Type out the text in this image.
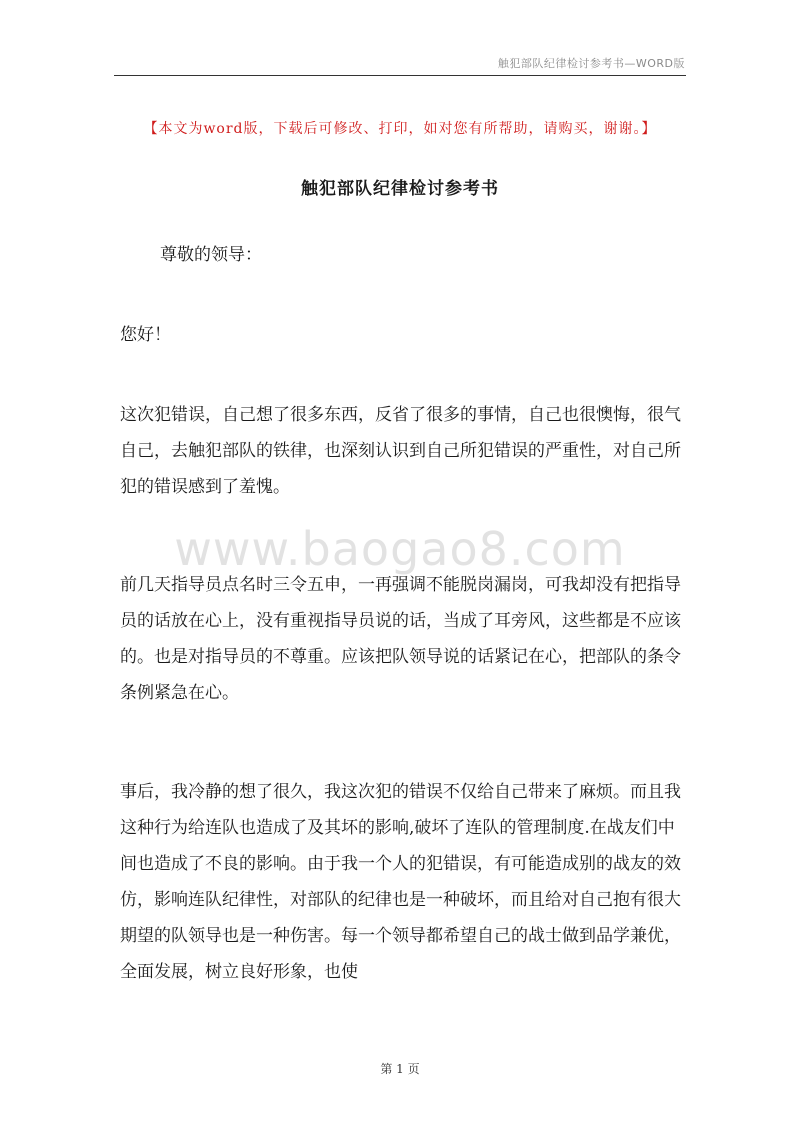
触犯部队纪律检讨参考书—WORD版
【本文为word版，下载后可修改、打印，如对您有所帮助，请购买，谢谢。】
触犯部队纪律检讨参考书

尊敬的领导：

您好！

这次犯错误，自己想了很多东西，反省了很多的事情，自己也很懊悔，很气自己，去触犯部队的铁律，也深刻认识到自己所犯错误的严重性，对自己所犯的错误感到了羞愧。

前几天指导员点名时三令五申，一再强调不能脱岗漏岗，可我却没有把指导员的话放在心上，没有重视指导员说的话，当成了耳旁风，这些都是不应该的。也是对指导员的不尊重。应该把队领导说的话紧记在心，把部队的条令条例紧急在心。

事后，我冷静的想了很久，我这次犯的错误不仅给自己带来了麻烦。而且我这种行为给连队也造成了及其坏的影响,破坏了连队的管理制度.在战友们中间也造成了不良的影响。由于我一个人的犯错误，有可能造成别的战友的效仿，影响连队纪律性，对部队的纪律也是一种破坏，而且给对自己抱有很大期望的队领导也是一种伤害。每一个领导都希望自己的战士做到品学兼优，全面发展，树立良好形象，也使

www.baogao8.com
第 1 页
